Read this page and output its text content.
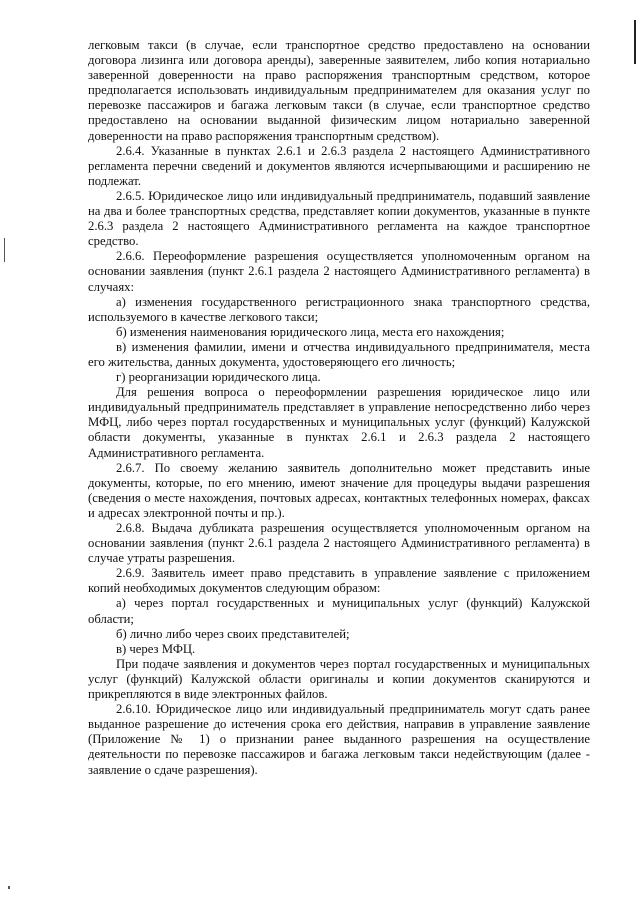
легковым такси (в случае, если транспортное средство предоставлено на основании договора лизинга или договора аренды), заверенные заявителем, либо копия нотариально заверенной доверенности на право распоряжения транспортным средством, которое предполагается использовать индивидуальным предпринимателем для оказания услуг по перевозке пассажиров и багажа легковым такси (в случае, если транспортное средство предоставлено на основании выданной физическим лицом нотариально заверенной доверенности на право распоряжения транспортным средством).

2.6.4. Указанные в пунктах 2.6.1 и 2.6.3 раздела 2 настоящего Административного регламента перечни сведений и документов являются исчерпывающими и расширению не подлежат.

2.6.5. Юридическое лицо или индивидуальный предприниматель, подавший заявление на два и более транспортных средства, представляет копии документов, указанные в пункте 2.6.3 раздела 2 настоящего Административного регламента на каждое транспортное средство.

2.6.6. Переоформление разрешения осуществляется уполномоченным органом на основании заявления (пункт 2.6.1 раздела 2 настоящего Административного регламента) в случаях:

а) изменения государственного регистрационного знака транспортного средства, используемого в качестве легкового такси;

б) изменения наименования юридического лица, места его нахождения;

в) изменения фамилии, имени и отчества индивидуального предпринимателя, места его жительства, данных документа, удостоверяющего его личность;

г) реорганизации юридического лица.

Для решения вопроса о переоформлении разрешения юридическое лицо или индивидуальный предприниматель представляет в управление непосредственно либо через МФЦ, либо через портал государственных и муниципальных услуг (функций) Калужской области документы, указанные в пунктах 2.6.1 и 2.6.3 раздела 2 настоящего Административного регламента.

2.6.7. По своему желанию заявитель дополнительно может представить иные документы, которые, по его мнению, имеют значение для процедуры выдачи разрешения (сведения о месте нахождения, почтовых адресах, контактных телефонных номерах, факсах и адресах электронной почты и пр.).

2.6.8. Выдача дубликата разрешения осуществляется уполномоченным органом на основании заявления (пункт 2.6.1 раздела 2 настоящего Административного регламента) в случае утраты разрешения.

2.6.9. Заявитель имеет право представить в управление заявление с приложением копий необходимых документов следующим образом:

а) через портал государственных и муниципальных услуг (функций) Калужской области;

б) лично либо через своих представителей;

в) через МФЦ.

При подаче заявления и документов через портал государственных и муниципальных услуг (функций) Калужской области оригиналы и копии документов сканируются и прикрепляются в виде электронных файлов.

2.6.10. Юридическое лицо или индивидуальный предприниматель могут сдать ранее выданное разрешение до истечения срока его действия, направив в управление заявление (Приложение № 1) о признании ранее выданного разрешения на осуществление деятельности по перевозке пассажиров и багажа легковым такси недействующим (далее - заявление о сдаче разрешения).
